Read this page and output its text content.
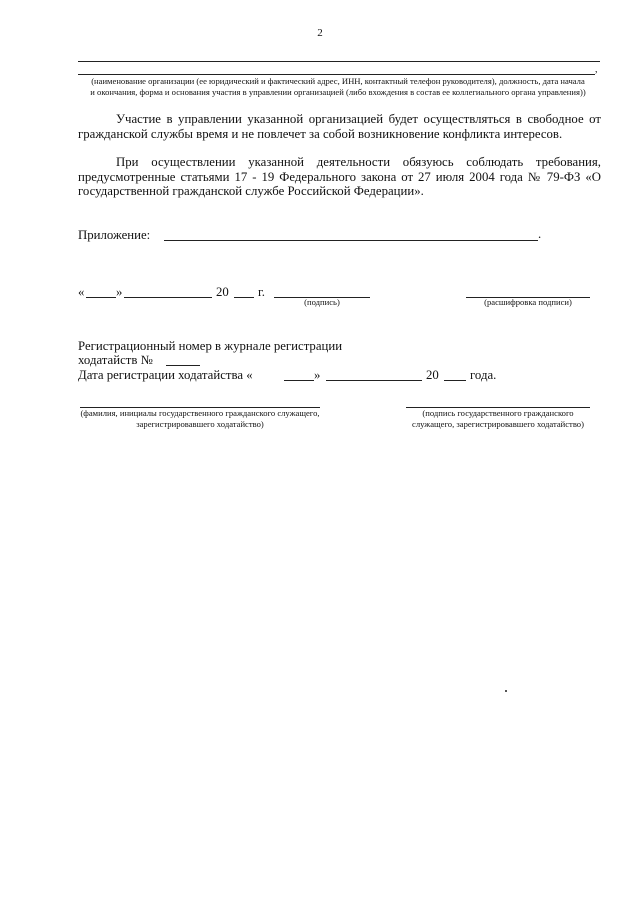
2
,
(наименование организации (ее юридический и фактический адрес, ИНН, контактный телефон руководителя), должность, дата начала и окончания, форма и основания участия в управлении организацией (либо вхождения в состав ее коллегиального органа управления))
Участие в управлении указанной организацией будет осуществляться в свободное от гражданской службы время и не повлечет за собой возникновение конфликта интересов.
При осуществлении указанной деятельности обязуюсь соблюдать требования, предусмотренные статьями 17 - 19 Федерального закона от 27 июля 2004 года № 79-ФЗ «О государственной гражданской службе Российской Федерации».
Приложение:	.
« »	20 г.
(подпись)	(расшифровка подписи)
Регистрационный номер в журнале регистрации
ходатайств №
Дата регистрации ходатайства «	»	20 года.
(фамилия, инициалы государственного гражданского служащего, зарегистрировавшего ходатайство)
(подпись государственного гражданского служащего, зарегистрировавшего ходатайство)
